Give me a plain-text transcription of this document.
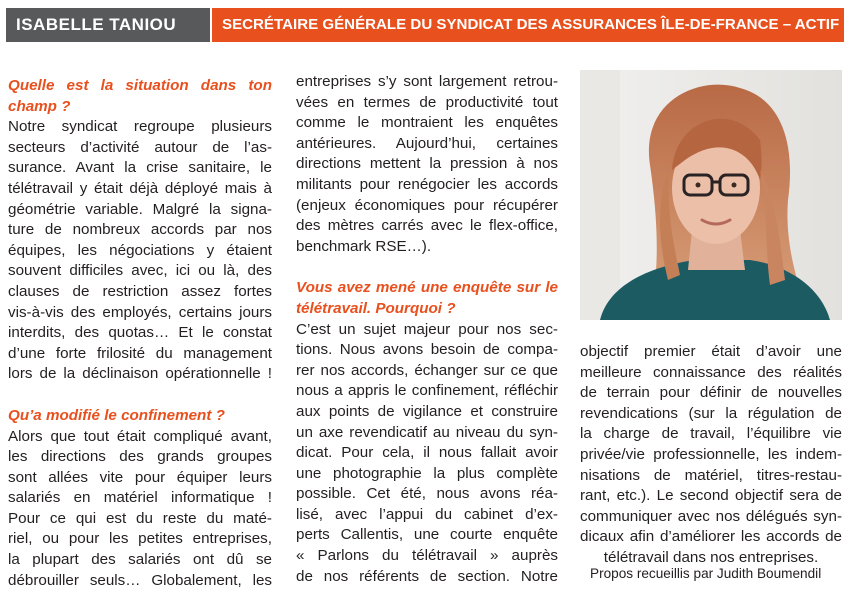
ISABELLE TANIOU	SECRÉTAIRE GÉNÉRALE DU SYNDICAT DES ASSURANCES ÎLE-DE-FRANCE – ACTIF
Quelle est la situation dans ton
champ ?
Notre syndicat regroupe plusieurs
secteurs d’activité autour de l’as-
surance. Avant la crise sanitaire, le
télétravail y était déjà déployé mais à
géométrie variable. Malgré la signa-
ture de nombreux accords par nos
équipes, les négociations y étaient
souvent difficiles avec, ici ou là, des
clauses de restriction assez fortes
vis-à-vis des employés, certains jours
interdits, des quotas… Et le constat
d’une forte frilosité du management
lors de la déclinaison opérationnelle !
Qu’a modifié le confinement ?
Alors que tout était compliqué avant,
les directions des grands groupes
sont allées vite pour équiper leurs
salariés en matériel informatique !
Pour ce qui est du reste du maté-
riel, ou pour les petites entreprises,
la plupart des salariés ont dû se
débrouiller seuls… Globalement, les
entreprises s’y sont largement retrou-
vées en termes de productivité tout
comme le montraient les enquêtes
antérieures. Aujourd’hui, certaines
directions mettent la pression à nos
militants pour renégocier les accords
(enjeux économiques pour récupérer
des mètres carrés avec le flex-office,
benchmark RSE…).
Vous avez mené une enquête sur le
télétravail. Pourquoi ?
C’est un sujet majeur pour nos sec-
tions. Nous avons besoin de compa-
rer nos accords, échanger sur ce que
nous a appris le confinement, réfléchir
aux points de vigilance et construire
un axe revendicatif au niveau du syn-
dicat. Pour cela, il nous fallait avoir
une photographie la plus complète
possible. Cet été, nous avons réa-
lisé, avec l’appui du cabinet d’ex-
perts Callentis, une courte enquête
« Parlons du télétravail » auprès
de nos référents de section. Notre
objectif premier était d’avoir une
meilleure connaissance des réalités
de terrain pour définir de nouvelles
revendications (sur la régulation de
la charge de travail, l’équilibre vie
privée/vie professionnelle, les indem-
nisations de matériel, titres-restau-
rant, etc.). Le second objectif sera de
communiquer avec nos délégués syn-
dicaux afin d’améliorer les accords de
télétravail dans nos entreprises.
Propos recueillis par Judith Boumendil
